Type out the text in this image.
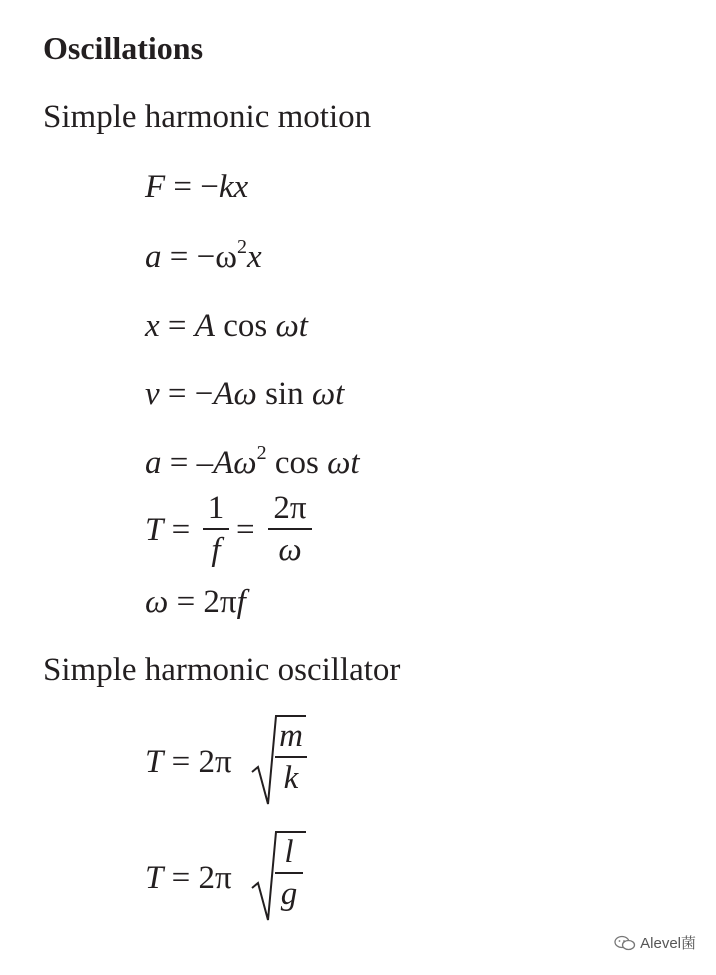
Oscillations
Simple harmonic motion
F = −kx
$a = -\omega^2x$
x = A cos ωt
v = −Aω sin ωt
$a = -A\omega^2$ cos ωt
T =
1
f
=
2π
ω
ω = 2πf
Simple harmonic oscillator
T = 2π
m
k
T = 2π
l
g
Alevel菌
